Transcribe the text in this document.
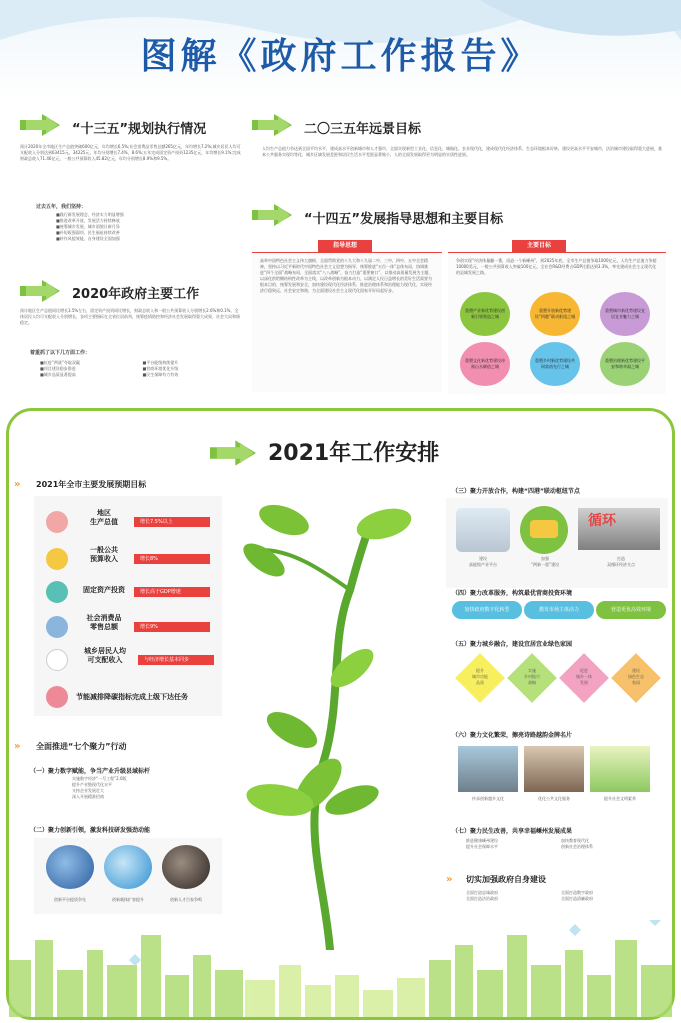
图解《政府工作报告》
“十三五”规划执行情况
预计2020年全市地区生产总值突破600亿元，年均增长6.5%;社会消费品零售总额265亿元，年均增长7.2%;城乡居民人均可支配收入分别达到63415元、34225元，年均分别增长7.4%、8.6%;五年完成固定资产投资1235亿元，年均增长9.1%;完成财政总收入71.46亿元，一般公共预算收入45.82亿元，年均分别增长8.9%和9.5%。
过去五年，我们坚持：
■践行新发展理念，经济实力明显增强
■推进改革开放，发展活力持续释放
■统筹城乡发展，城乡面貌日新月异
■补短板强弱项，民生福祉持续改善
■转作风提效能，自身建设全面加强
2020年政府主要工作
预计地区生产总值同比增长3.5%左右，固定资产投资同比增长，财政总收入和一般公共预算收入分别增长2.6%和0.1%，全体居民人均可支配收入分别增长，各项主要指标在全省位居前列，统筹疫情防控和经济社会发展取得重大成果，社会大局和谐稳定。
着重抓了以下几方面工作：
■抗疫“两战”夺取双赢	■平台能级持续提升
■项目建设稳步推进	■营商环境优化升级
■城乡品质显著提高	■民生保障有力有效
二〇三五年远景目标
人均生产总值力争达到全国平均水平，建成高水平创新城市和人才强市，全面实现新型工业化、信息化、城镇化、农业现代化，建成现代化经济体系，生态环境根本好转，建设更高水平平安城市，法治城市建设取得重大进展，基本公共服务实现均等化，城乡区域发展差距和居民生活水平差距显著缩小，人的全面发展取得更为明显的实质性进展。
“十四五”发展指导思想和主要目标
指导思想
高举中国特色社会主义伟大旗帜，全面贯彻党的十九大和十九届二中、三中、四中、五中全会精神，坚持以习近平新时代中国特色社会主义思想为指导，统筹推进“五位一体”总体布局，协调推进“四个全面”战略布局，全面落实“八八战略”，奋力打造“重要窗口”，以推动高质量发展为主题，以深化供给侧结构性改革为主线，以改革创新为根本动力，以满足人民日益增长的美好生活需要为根本目的，统筹发展和安全，加快建设现代化经济体系，推进治理体系和治理能力现代化，实现经济行稳致远、社会安定和谐，为全面建设社会主义现代化国家开好局起好步。
主要目标
争创实现“经济体量翻一番，再造一个新嵊州”，到2025年底，全市生产总值争取1000亿元，人均生产总值力争超10000美元，一般公共预算收入突破100亿元，全社会R&D经费占GDP比重达到3.3%，率先建成社会主义现代化的县域发展之路。
重塑产业新优势建设创新引领智造之城
重塑开放新优势建设“四港”联动枢纽之城
重塑城市新优势建设宜居宜业魅力之城
重塑文化新优势建设诗画山水颜值之城
重塑乡村新优势建设共同富裕先行之城
重塑治理新优势建设平安和谐幸福之城
2021年工作安排
» 2021年全市主要发展预期目标
地区
生产总值	增长7.5%以上
一般公共
预算收入	增长8%
固定资产投资	增长高于GDP增速
社会消费品
零售总额	增长9%
城乡居民人均
可支配收入	与经济增长基本同步
节能减排降碳指标完成上级下达任务
» 全面推进“七个聚力”行动
（一）聚力数字赋能，争当产业升级县域标杆
实施数字经济“一号工程”2.0版
提升产业链现代化水平
支持企业发展壮大
深入开展精准招商
（二）聚力创新引领，激发科技研发强劲动能
创新平台提质争先	创新载体扩容提升	创新人才百家争鸣
（三）聚力开放合作，构建“四港”联动枢纽节点
循环
建设
高能级产业平台
加强
“两新一重”建设
打造
双循环经济支点
（四）聚力改革服务，构筑最优营商投资环境
加快政府数字化转型	激发市场主体活力	营造更优高效环境
（五）聚力城乡融合，建设宜居宜业绿色家园
提升
城市功能
品质
实施
乡村振兴
战略
促进
城乡一体
发展
建设
绿色生态
家园
（六）聚力文化繁荣，擦亮诗路越韵金牌名片
传承创新越乡文化	优化公共文化服务	提升社会文明素养
（七）聚力民生改善，共享幸福嵊州发展成果
推进健康嵊州建设	加快教育现代化
提升社会保障水平	创新社会治理体系
» 切实加强政府自身建设
全面打造忠诚政府	全面打造数字政府
全面打造法治政府	全面打造清廉政府
